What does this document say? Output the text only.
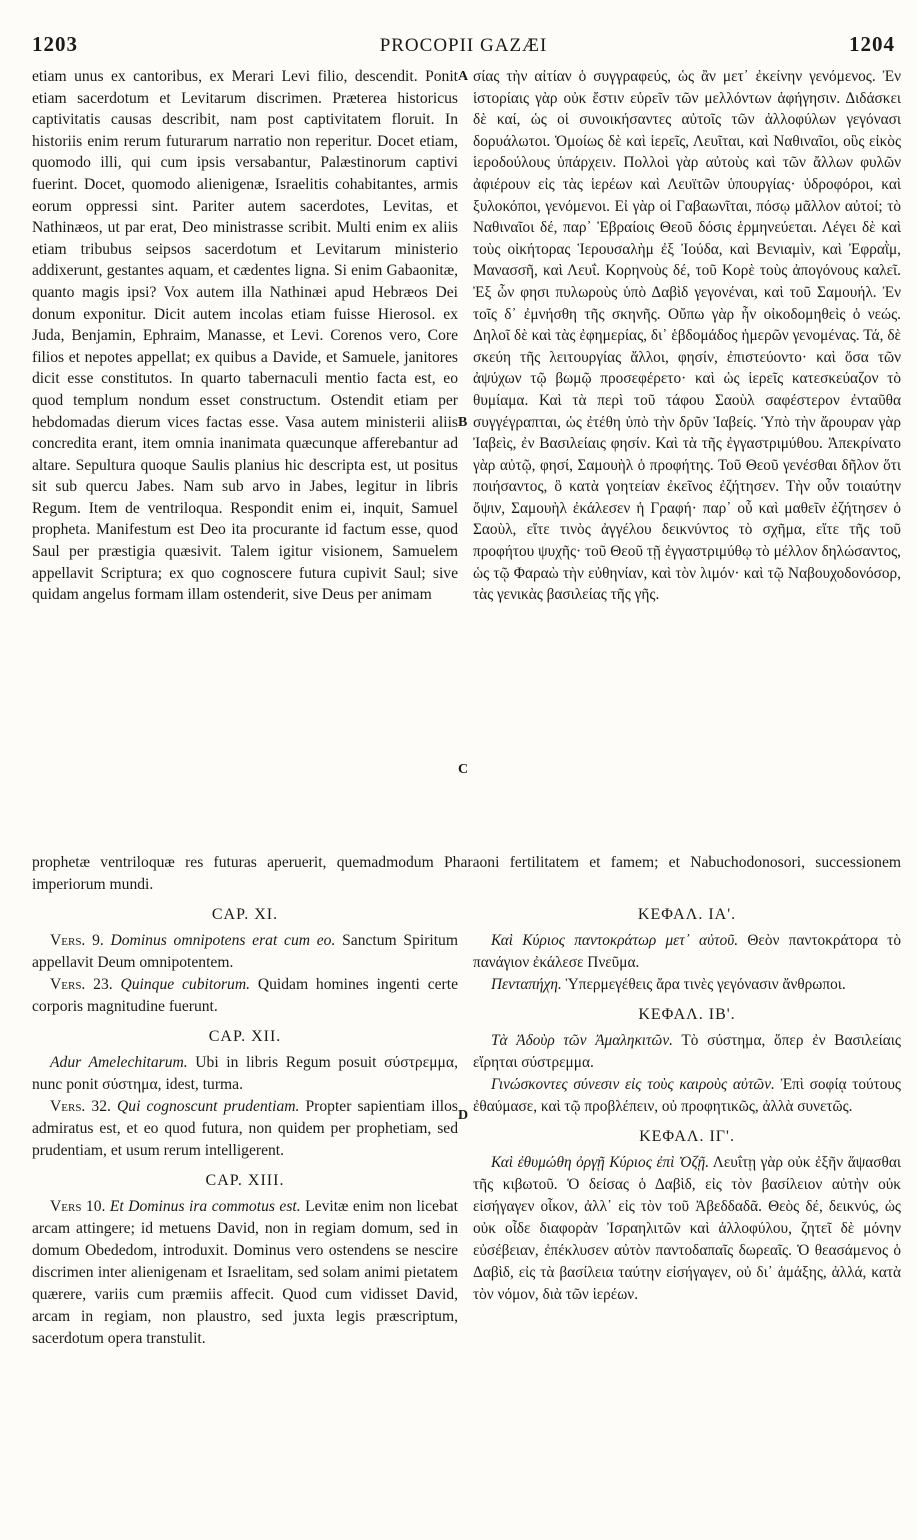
1203	PROCOPII GAZÆI	1204
A
B
C
D

etiam unus ex cantoribus, ex Merari Levi filio, descendit. Ponit etiam sacerdotum et Levitarum discrimen. Præterea historicus captivitatis causas describit, nam post captivitatem floruit. In historiis enim rerum futurarum narratio non reperitur. Docet etiam, quomodo illi, qui cum ipsis versabantur, Palæstinorum captivi fuerint. Docet, quomodo alienigenæ, Israelitis cohabitantes, armis eorum oppressi sint. Pariter autem sacerdotes, Levitas, et Nathinæos, ut par erat, Deo ministrasse scribit. Multi enim ex aliis etiam tribubus seipsos sacerdotum et Levitarum ministerio addixerunt, gestantes aquam, et cædentes ligna. Si enim Gabaonitæ, quanto magis ipsi? Vox autem illa Nathinæi apud Hebræos Dei donum exponitur. Dicit autem incolas etiam fuisse Hierosol. ex Juda, Benjamin, Ephraim, Manasse, et Levi. Corenos vero, Core filios et nepotes appellat; ex quibus a Davide, et Samuele, janitores dicit esse constitutos. In quarto tabernaculi mentio facta est, eo quod templum nondum esset constructum. Ostendit etiam per hebdomadas dierum vices factas esse. Vasa autem ministerii aliis concredita erant, item omnia inanimata quæcunque afferebantur ad altare. Sepultura quoque Saulis planius hic descripta est, ut positus sit sub quercu Jabes. Nam sub arvo in Jabes, legitur in libris Regum. Item de ventriloqua. Respondit enim ei, inquit, Samuel propheta. Manifestum est Deo ita procurante id factum esse, quod Saul per præstigia quæsivit. Talem igitur visionem, Samuelem appellavit Scriptura; ex quo cognoscere futura cupivit Saul; sive quidam angelus formam illam ostenderit, sive Deus per animam

σίας τὴν αἰτίαν ὁ συγγραφεύς, ὡς ἂν μετ᾽ ἐκείνην γενόμενος. Ἐν ἱστορίαις γὰρ οὐκ ἔστιν εὑρεῖν τῶν μελλόντων ἀφήγησιν. Διδάσκει δὲ καί, ὡς οἱ συνοικήσαντες αὐτοῖς τῶν ἀλλοφύλων γεγόνασι δορυάλωτοι. Ὁμοίως δὲ καὶ ἱερεῖς, Λευῖται, καὶ Ναθιναῖοι, οὓς εἰκὸς ἱεροδούλους ὑπάρχειν. Πολλοὶ γὰρ αὐτοὺς καὶ τῶν ἄλλων φυλῶν ἀφιέρουν εἰς τὰς ἱερέων καὶ Λευϊτῶν ὑπουργίας· ὑδροφόροι, καὶ ξυλοκόποι, γενόμενοι. Εἰ γὰρ οἱ Γαβαωνῖται, πόσῳ μᾶλλον αὐτοί; τὸ Ναθιναῖοι δέ, παρ᾽ Ἑβραίοις Θεοῦ δόσις ἑρμηνεύεται. Λέγει δὲ καὶ τοὺς οἰκήτορας Ἱερουσαλὴμ ἐξ Ἰούδα, καὶ Βενιαμὶν, καὶ Ἐφραῒμ, Μανασσῆ, καὶ Λευΐ. Κορηνοὺς δέ, τοῦ Κορὲ τοὺς ἀπογόνους καλεῖ. Ἐξ ὧν φησι πυλωροὺς ὑπὸ Δαβὶδ γεγονέναι, καὶ τοῦ Σαμουήλ. Ἐν τοῖς δ᾽ ἐμνήσθη τῆς σκηνῆς. Οὔπω γὰρ ἦν οἰκοδομηθεὶς ὁ νεώς. Δηλοῖ δὲ καὶ τὰς ἐφημερίας, δι᾽ ἑβδομάδος ἡμερῶν γενομένας. Τά, δὲ σκεύη τῆς λειτουργίας ἄλλοι, φησίν, ἐπιστεύοντο· καὶ ὅσα τῶν ἀψύχων τῷ βωμῷ προσεφέρετο· καὶ ὡς ἱερεῖς κατεσκεύαζον τὸ θυμίαμα. Καὶ τὰ περὶ τοῦ τάφου Σαοὺλ σαφέστερον ἐνταῦθα συγγέγραπται, ὡς ἐτέθη ὑπὸ τὴν δρῦν Ἰαβείς. Ὑπὸ τὴν ἄρουραν γὰρ Ἰαβεὶς, ἐν Βασιλείαις φησίν. Καὶ τὰ τῆς ἐγγαστριμύθου. Ἀπεκρίνατο γὰρ αὐτῷ, φησί, Σαμουὴλ ὁ προφήτης. Τοῦ Θεοῦ γενέσθαι δῆλον ὅτι ποιήσαντος, ὃ κατὰ γοητείαν ἐκεῖνος ἐζήτησεν. Τὴν οὖν τοιαύτην ὄψιν, Σαμουὴλ ἐκάλεσεν ἡ Γραφή· παρ᾽ οὗ καὶ μαθεῖν ἐζήτησεν ὁ Σαοὺλ, εἴτε τινὸς ἀγγέλου δεικνύντος τὸ σχῆμα, εἴτε τῆς τοῦ προφήτου ψυχῆς· τοῦ Θεοῦ τῇ ἐγγαστριμύθῳ τὸ μέλλον δηλώσαντος, ὡς τῷ Φαραὼ τὴν εὐθηνίαν, καὶ τὸν λιμόν· καὶ τῷ Ναβουχοδονόσορ, τὰς γενικὰς βασιλείας τῆς γῆς.

prophetæ ventriloquæ res futuras aperuerit, quemadmodum Pharaoni fertilitatem et famem; et Nabuchodonosori, successionem imperiorum mundi.

CAP. XI.

Vers. 9. Dominus omnipotens erat cum eo. Sanctum Spiritum appellavit Deum omnipotentem.

Vers. 23. Quinque cubitorum. Quidam homines ingenti certe corporis magnitudine fuerunt.

CAP. XII.

Adur Amelechitarum. Ubi in libris Regum posuit σύστρεμμα, nunc ponit σύστημα, idest, turma.

Vers. 32. Qui cognoscunt prudentiam. Propter sapientiam illos admiratus est, et eo quod futura, non quidem per prophetiam, sed prudentiam, et usum rerum intelligerent.

CAP. XIII.

Vers 10. Et Dominus ira commotus est. Levitæ enim non licebat arcam attingere; id metuens David, non in regiam domum, sed in domum Obededom, introduxit. Dominus vero ostendens se nescire discrimen inter alienigenam et Israelitam, sed solam animi pietatem quærere, variis cum præmiis affecit. Quod cum vidisset David, arcam in regiam, non plaustro, sed juxta legis præscriptum, sacerdotum opera transtulit.

ΚΕΦΑΛ. ΙΑ'.

Καὶ Κύριος παντοκράτωρ μετ᾽ αὐτοῦ. Θεὸν παντοκράτορα τὸ πανάγιον ἐκάλεσε Πνεῦμα.

Πενταπήχη. Ὑπερμεγέθεις ἄρα τινὲς γεγόνασιν ἄνθρωποι.

ΚΕΦΑΛ. ΙΒ'.

Τὰ Ἀδοὺρ τῶν Ἀμαληκιτῶν. Τὸ σύστημα, ὅπερ ἐν Βασιλείαις εἴρηται σύστρεμμα.

Γινώσκοντες σύνεσιν εἰς τοὺς καιροὺς αὐτῶν. Ἐπὶ σοφίᾳ τούτους ἐθαύμασε, καὶ τῷ προβλέπειν, οὐ προφητικῶς, ἀλλὰ συνετῶς.

ΚΕΦΑΛ. ΙΓ'.

Καὶ ἐθυμώθη ὀργῇ Κύριος ἐπὶ Ὀζῇ. Λευΐτῃ γὰρ οὐκ ἐξῆν ἅψασθαι τῆς κιβωτοῦ. Ὁ δείσας ὁ Δαβὶδ, εἰς τὸν βασίλειον αὐτὴν οὐκ εἰσήγαγεν οἶκον, ἀλλ᾽ εἰς τὸν τοῦ Ἀβεδδαδᾶ. Θεὸς δέ, δεικνύς, ὡς οὐκ οἶδε διαφορὰν Ἰσραηλιτῶν καὶ ἀλλοφύλου, ζητεῖ δὲ μόνην εὐσέβειαν, ἐπέκλυσεν αὐτὸν παντοδαπαῖς δωρεαῖς. Ὁ θεασάμενος ὁ Δαβὶδ, εἰς τὰ βασίλεια ταύτην εἰσήγαγεν, οὐ δι᾽ ἁμάξης, ἀλλά, κατὰ τὸν νόμον, διὰ τῶν ἱερέων.
